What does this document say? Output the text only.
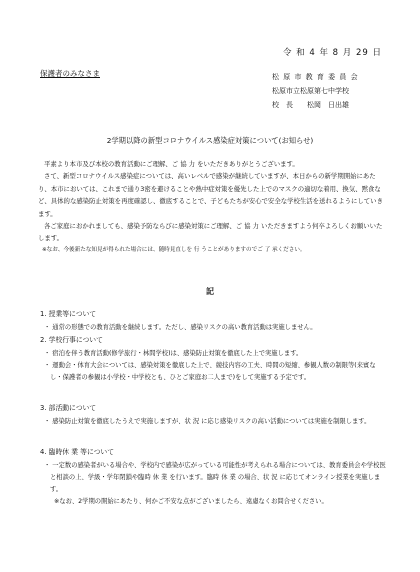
令 和 4 年 8 月 29 日
保護者のみなさま	松 原 市 教 育 委 員 会
松原市立松原第七中学校
校　長　　松岡　日出雄
2学期以降の新型コロナウイルス感染症対策について(お知らせ)

平素より本市及び本校の教育活動にご理解、ご 協 力 をいただきありがとうございます。

さて、新型コロナウイルス感染症については、高いレベルで感染が継続していますが、本日からの新学期開始にあたり、本市においては、これまで通り3密を避けることや熱中症対策を優先した上でのマスクの適切な着用、換気、黙食など、具体的な感染防止対策を再度確認し、徹底することで、子どもたちが安心で安全な学校生活を送れるようにしていきます。

各ご家庭におかれましても、感染予防ならびに感染対策にご理解、ご 協 力 いただきますよう何卒よろしくお願いいたします。

※なお、今後新たな知見が得られた場合には、随時見直しを 行 うことがありますのでご 了 承ください。

記
1. 授業等について

・ 通常の形態での教育活動を継続します。ただし、感染リスクの高い教育活動は実施しません。

2. 学校行事について

・ 宿泊を伴う教育活動(修学旅行・林間学校)は、感染防止対策を徹底した上で実施します。

・ 運動会・体育大会については、感染対策を徹底した上で、競技内容の工夫、時間の短縮、参観人数の制限等(来賓なし・保護者の参観は小学校・中学校とも、ひとご家庭お二人まで)をして実施する予定です。

3. 部活動について

・ 感染防止対策を徹底したうえで実施しますが、状 況 に応じ感染リスクの高い活動については実施を制限します。

4. 臨時休 業 等について

・ 一定数の感染者がいる場合や、学校内で感染が広がっている可能性が考えられる場合については、教育委員会や学校医と相談の上、学級・学年閉鎖や臨時 休 業 を行います。臨時 休 業 の場合、状 況 に応じてオンライン授業を実施します。

※なお、2学期の開始にあたり、何かご不安な点がございましたら、遠慮なくお問合せください。
